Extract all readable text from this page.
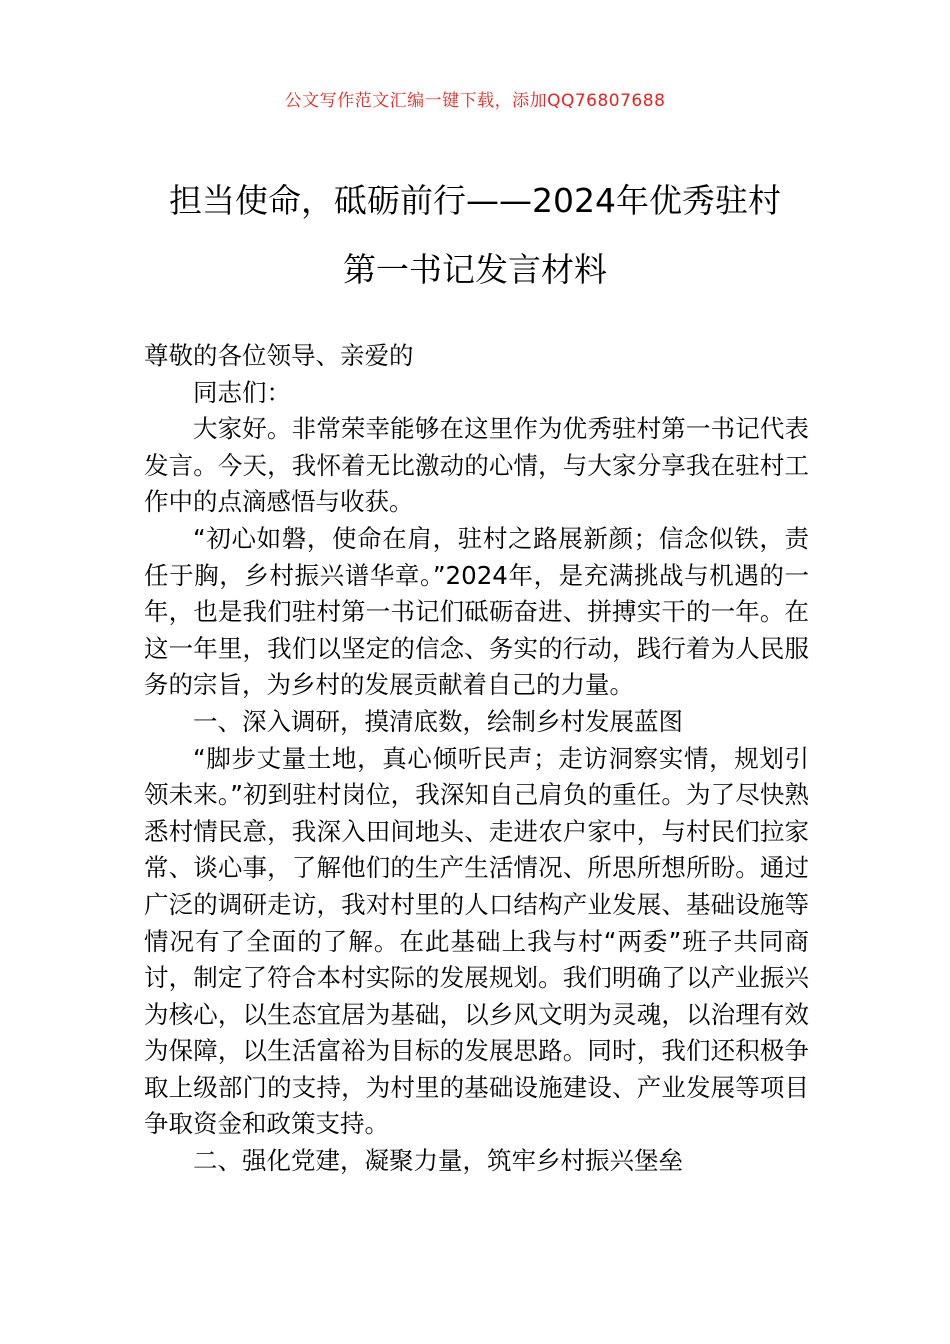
公文写作范文汇编一键下载，添加QQ76807688
担当使命，砥砺前行——2024年优秀驻村
第一书记发言材料

尊敬的各位领导、亲爱的

同志们：

大家好。非常荣幸能够在这里作为优秀驻村第一书记代表发言。今天，我怀着无比激动的心情，与大家分享我在驻村工作中的点滴感悟与收获。

“初心如磐，使命在肩，驻村之路展新颜；信念似铁，责任于胸，乡村振兴谱华章。”2024年，是充满挑战与机遇的一年，也是我们驻村第一书记们砥砺奋进、拼搏实干的一年。在这一年里，我们以坚定的信念、务实的行动，践行着为人民服务的宗旨，为乡村的发展贡献着自己的力量。

一、深入调研，摸清底数，绘制乡村发展蓝图

“脚步丈量土地，真心倾听民声；走访洞察实情，规划引领未来。”初到驻村岗位，我深知自己肩负的重任。为了尽快熟悉村情民意，我深入田间地头、走进农户家中，与村民们拉家常、谈心事，了解他们的生产生活情况、所思所想所盼。通过广泛的调研走访，我对村里的人口结构产业发展、基础设施等情况有了全面的了解。在此基础上我与村“两委”班子共同商讨，制定了符合本村实际的发展规划。我们明确了以产业振兴为核心，以生态宜居为基础，以乡风文明为灵魂，以治理有效为保障，以生活富裕为目标的发展思路。同时，我们还积极争取上级部门的支持，为村里的基础设施建设、产业发展等项目争取资金和政策支持。

二、强化党建，凝聚力量，筑牢乡村振兴堡垒
